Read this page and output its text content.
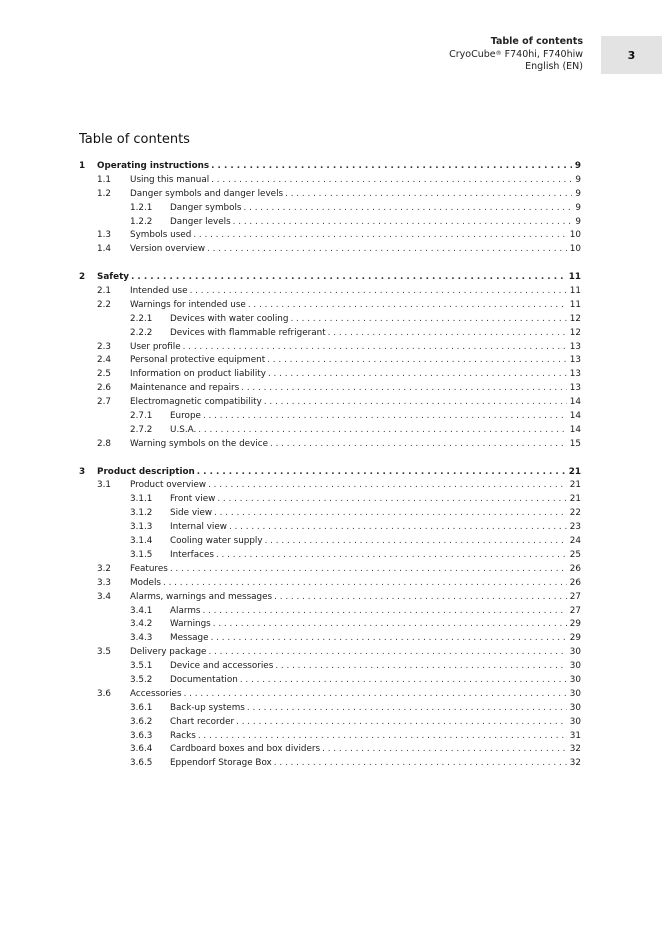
Table of contents
CryoCube® F740hi, F740hiw
English (EN)
3
Table of contents
1 Operating instructions . . .	9
1.1 Using this manual . . .	9
1.2 Danger symbols and danger levels . . .	9
1.2.1 Danger symbols . . .	9
1.2.2 Danger levels . . .	9
1.3 Symbols used . . .	10
1.4 Version overview . . .	10
2 Safety . . .	11
2.1 Intended use . . .	11
2.2 Warnings for intended use . . .	11
2.2.1 Devices with water cooling . . .	12
2.2.2 Devices with flammable refrigerant . . .	12
2.3 User profile . . .	13
2.4 Personal protective equipment . . .	13
2.5 Information on product liability . . .	13
2.6 Maintenance and repairs . . .	13
2.7 Electromagnetic compatibility . . .	14
2.7.1 Europe . . .	14
2.7.2 U.S.A. . . .	14
2.8 Warning symbols on the device . . .	15
3 Product description . . .	21
3.1 Product overview . . .	21
3.1.1 Front view . . .	21
3.1.2 Side view . . .	22
3.1.3 Internal view . . .	23
3.1.4 Cooling water supply . . .	24
3.1.5 Interfaces . . .	25
3.2 Features . . .	26
3.3 Models . . .	26
3.4 Alarms, warnings and messages . . .	27
3.4.1 Alarms . . .	27
3.4.2 Warnings . . .	29
3.4.3 Message . . .	29
3.5 Delivery package . . .	30
3.5.1 Device and accessories . . .	30
3.5.2 Documentation . . .	30
3.6 Accessories . . .	30
3.6.1 Back-up systems . . .	30
3.6.2 Chart recorder . . .	30
3.6.3 Racks . . .	31
3.6.4 Cardboard boxes and box dividers . . .	32
3.6.5 Eppendorf Storage Box . . .	32
